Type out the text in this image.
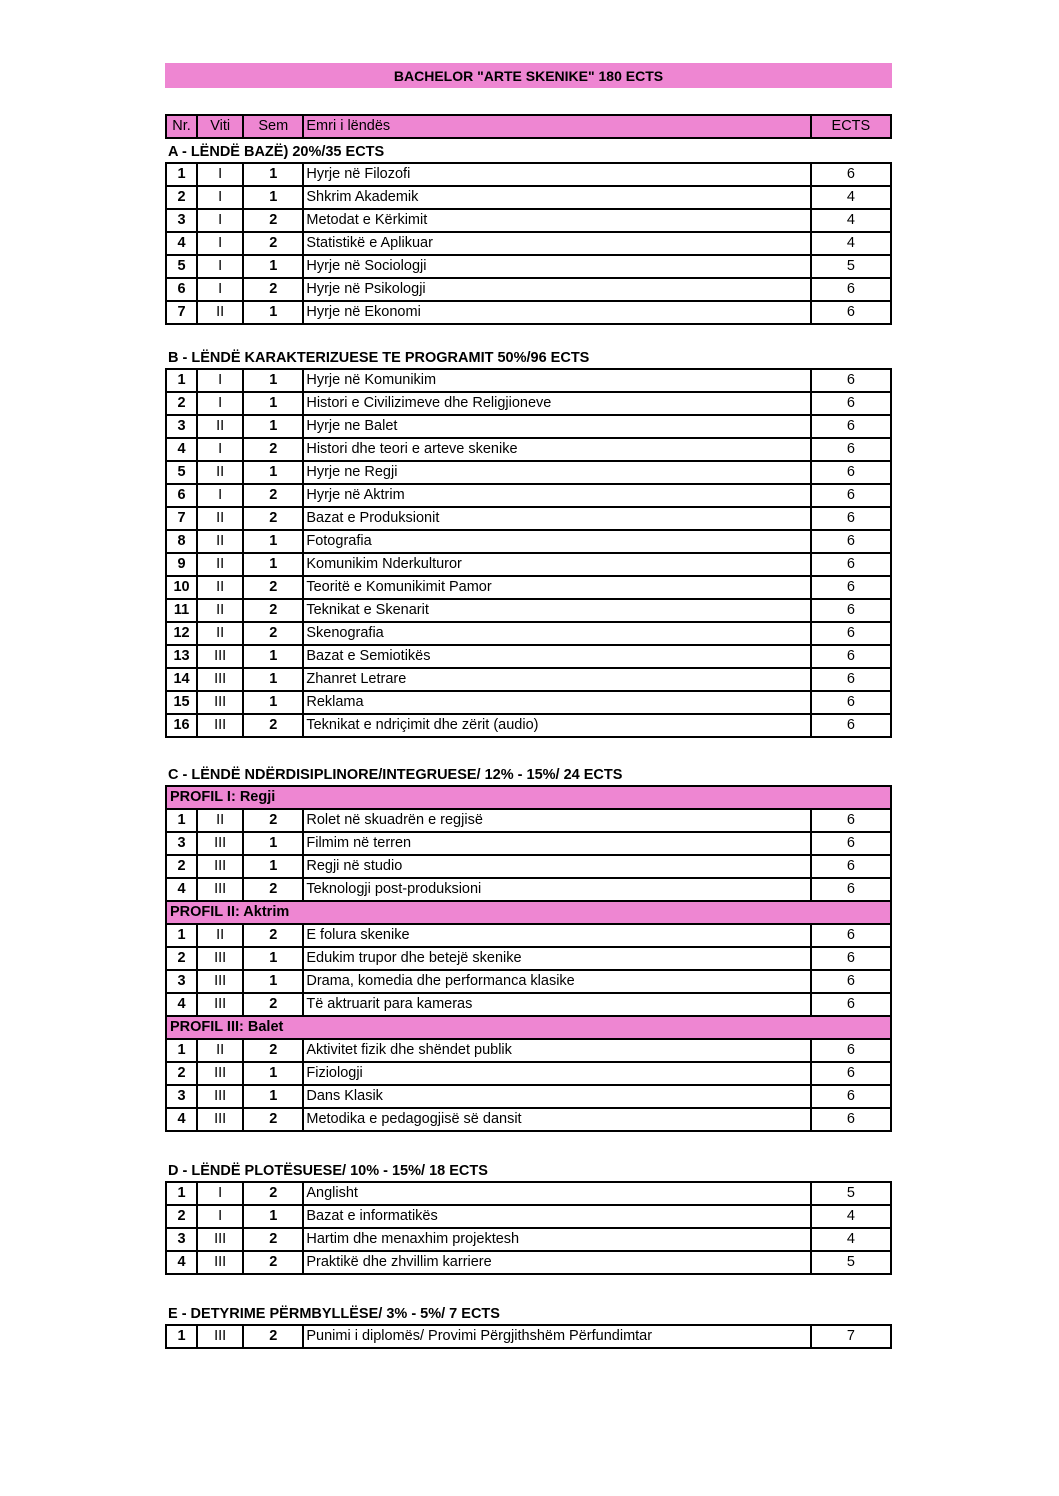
BACHELOR "ARTE SKENIKE" 180 ECTS
Nr.	Viti	Sem	Emri i lëndës	ECTS
A - LËNDË BAZË) 20%/35 ECTS
1	I	1	Hyrje në Filozofi	6
2	I	1	Shkrim Akademik	4
3	I	2	Metodat e Kërkimit	4
4	I	2	Statistikë e Aplikuar	4
5	I	1	Hyrje në Sociologji	5
6	I	2	Hyrje në Psikologji	6
7	II	1	Hyrje në Ekonomi	6
B - LËNDË KARAKTERIZUESE TE PROGRAMIT 50%/96 ECTS
1	I	1	Hyrje në Komunikim	6
2	I	1	Histori e Civilizimeve dhe Religjioneve	6
3	II	1	Hyrje ne Balet	6
4	I	2	Histori dhe teori e arteve skenike	6
5	II	1	Hyrje ne Regji	6
6	I	2	Hyrje në Aktrim	6
7	II	2	Bazat e Produksionit	6
8	II	1	Fotografia	6
9	II	1	Komunikim Nderkulturor	6
10	II	2	Teoritë e Komunikimit Pamor	6
11	II	2	Teknikat e Skenarit	6
12	II	2	Skenografia	6
13	III	1	Bazat e Semiotikës	6
14	III	1	Zhanret Letrare	6
15	III	1	Reklama	6
16	III	2	Teknikat e ndriçimit dhe zërit (audio)	6
C - LËNDË NDËRDISIPLINORE/INTEGRUESE/ 12% - 15%/ 24 ECTS
PROFIL I: Regji				
1	II	2	Rolet në skuadrën e regjisë	6
3	III	1	Filmim në terren	6
2	III	1	Regji në studio	6
4	III	2	Teknologji post-produksioni	6
PROFIL II: Aktrim				
1	II	2	E folura skenike	6
2	III	1	Edukim trupor dhe betejë skenike	6
3	III	1	Drama, komedia dhe performanca klasike	6
4	III	2	Të aktruarit para kameras	6
PROFIL III: Balet				
1	II	2	Aktivitet fizik dhe shëndet publik	6
2	III	1	Fiziologji	6
3	III	1	Dans Klasik	6
4	III	2	Metodika e pedagogjisë së dansit	6
D - LËNDË PLOTËSUESE/ 10% - 15%/ 18 ECTS
1	I	2	Anglisht	5
2	I	1	Bazat e informatikës	4
3	III	2	Hartim dhe menaxhim projektesh	4
4	III	2	Praktikë dhe zhvillim karriere	5
E - DETYRIME PËRMBYLLËSE/ 3% - 5%/ 7 ECTS
1	III	2	Punimi i diplomës/ Provimi Përgjithshëm Përfundimtar	7
